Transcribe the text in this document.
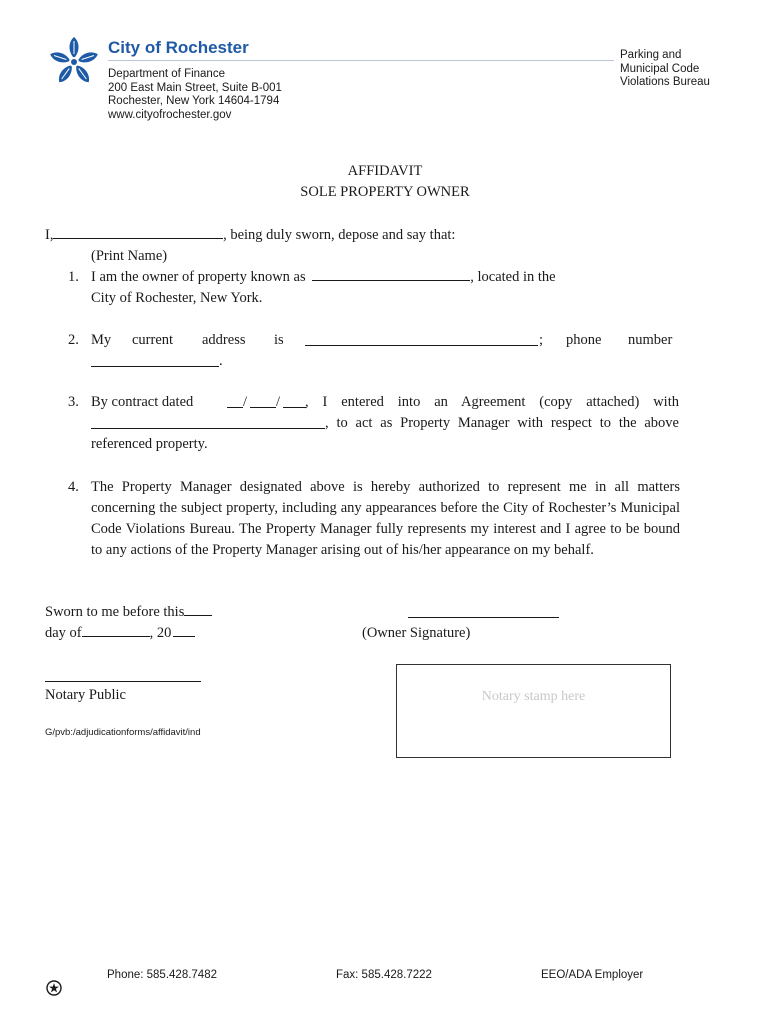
City of Rochester
Department of Finance
200 East Main Street, Suite B-001
Rochester, New York 14604-1794
www.cityofrochester.gov
Parking and
Municipal Code
Violations Bureau
AFFIDAVIT
SOLE PROPERTY OWNER
I,	, being duly sworn, depose and say that:
(Print Name)
1. I am the owner of property known as	, located in the
City of Rochester, New York.
2. My current address is	; phone number
.
3. By contract dated	/ / , I entered into an Agreement (copy attached) with
, to act as Property Manager with respect to the above
referenced property.
4. The Property Manager designated above is hereby authorized to represent me in all matters concerning the subject property, including any appearances before the City of Rochester’s Municipal Code Violations Bureau. The Property Manager fully represents my interest and I agree to be bound to any actions of the Property Manager arising out of his/her appearance on my behalf.
Sworn to me before this
day of	, 20	(Owner Signature)
Notary Public	Notary stamp here
G/pvb:/adjudicationforms/affidavit/ind
Phone: 585.428.7482	Fax: 585.428.7222	EEO/ADA Employer
